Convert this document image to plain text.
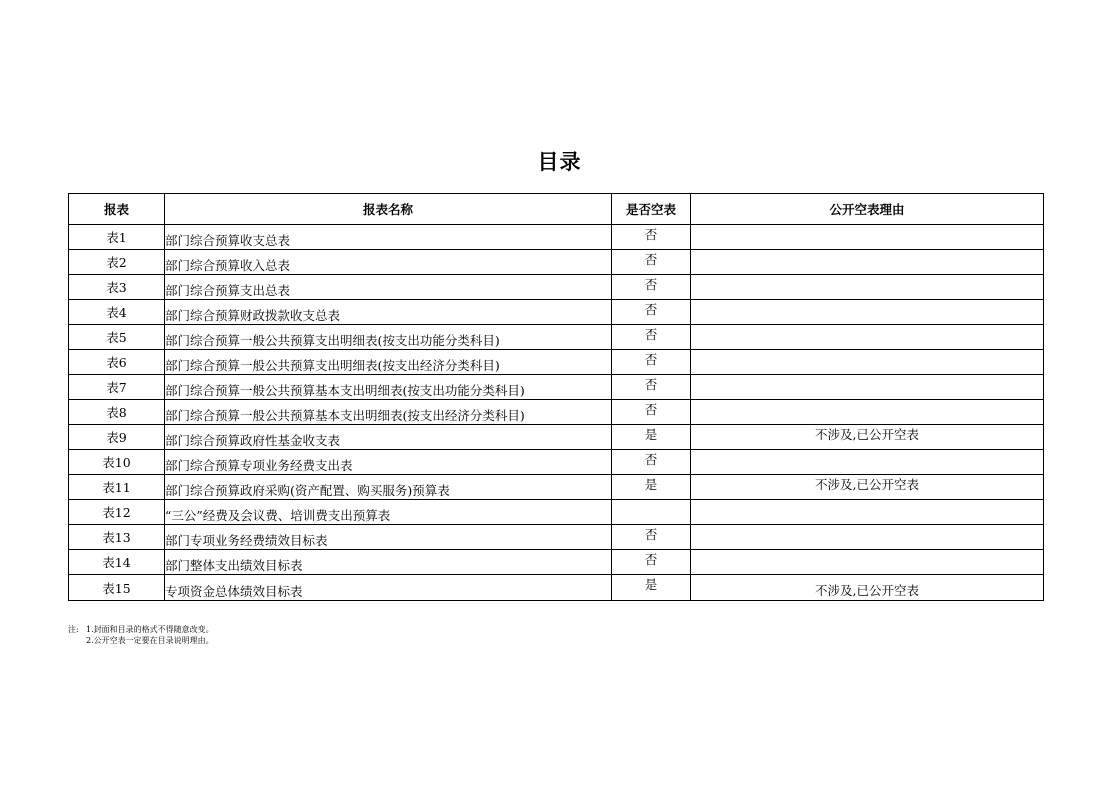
目录
报表	报表名称	是否空表	公开空表理由
表1	部门综合预算收支总表	否	
表2	部门综合预算收入总表	否	
表3	部门综合预算支出总表	否	
表4	部门综合预算财政拨款收支总表	否	
表5	部门综合预算一般公共预算支出明细表(按支出功能分类科目)	否	
表6	部门综合预算一般公共预算支出明细表(按支出经济分类科目)	否	
表7	部门综合预算一般公共预算基本支出明细表(按支出功能分类科目)	否	
表8	部门综合预算一般公共预算基本支出明细表(按支出经济分类科目)	否	
表9	部门综合预算政府性基金收支表	是	不涉及,已公开空表
表10	部门综合预算专项业务经费支出表	否	
表11	部门综合预算政府采购(资产配置、购买服务)预算表	是	不涉及,已公开空表
表12	“三公”经费及会议费、培训费支出预算表		
表13	部门专项业务经费绩效目标表	否	
表14	部门整体支出绩效目标表	否	
表15	专项资金总体绩效目标表	是	不涉及,已公开空表
注: 1.封面和目录的格式不得随意改变。
2.公开空表一定要在目录说明理由。
